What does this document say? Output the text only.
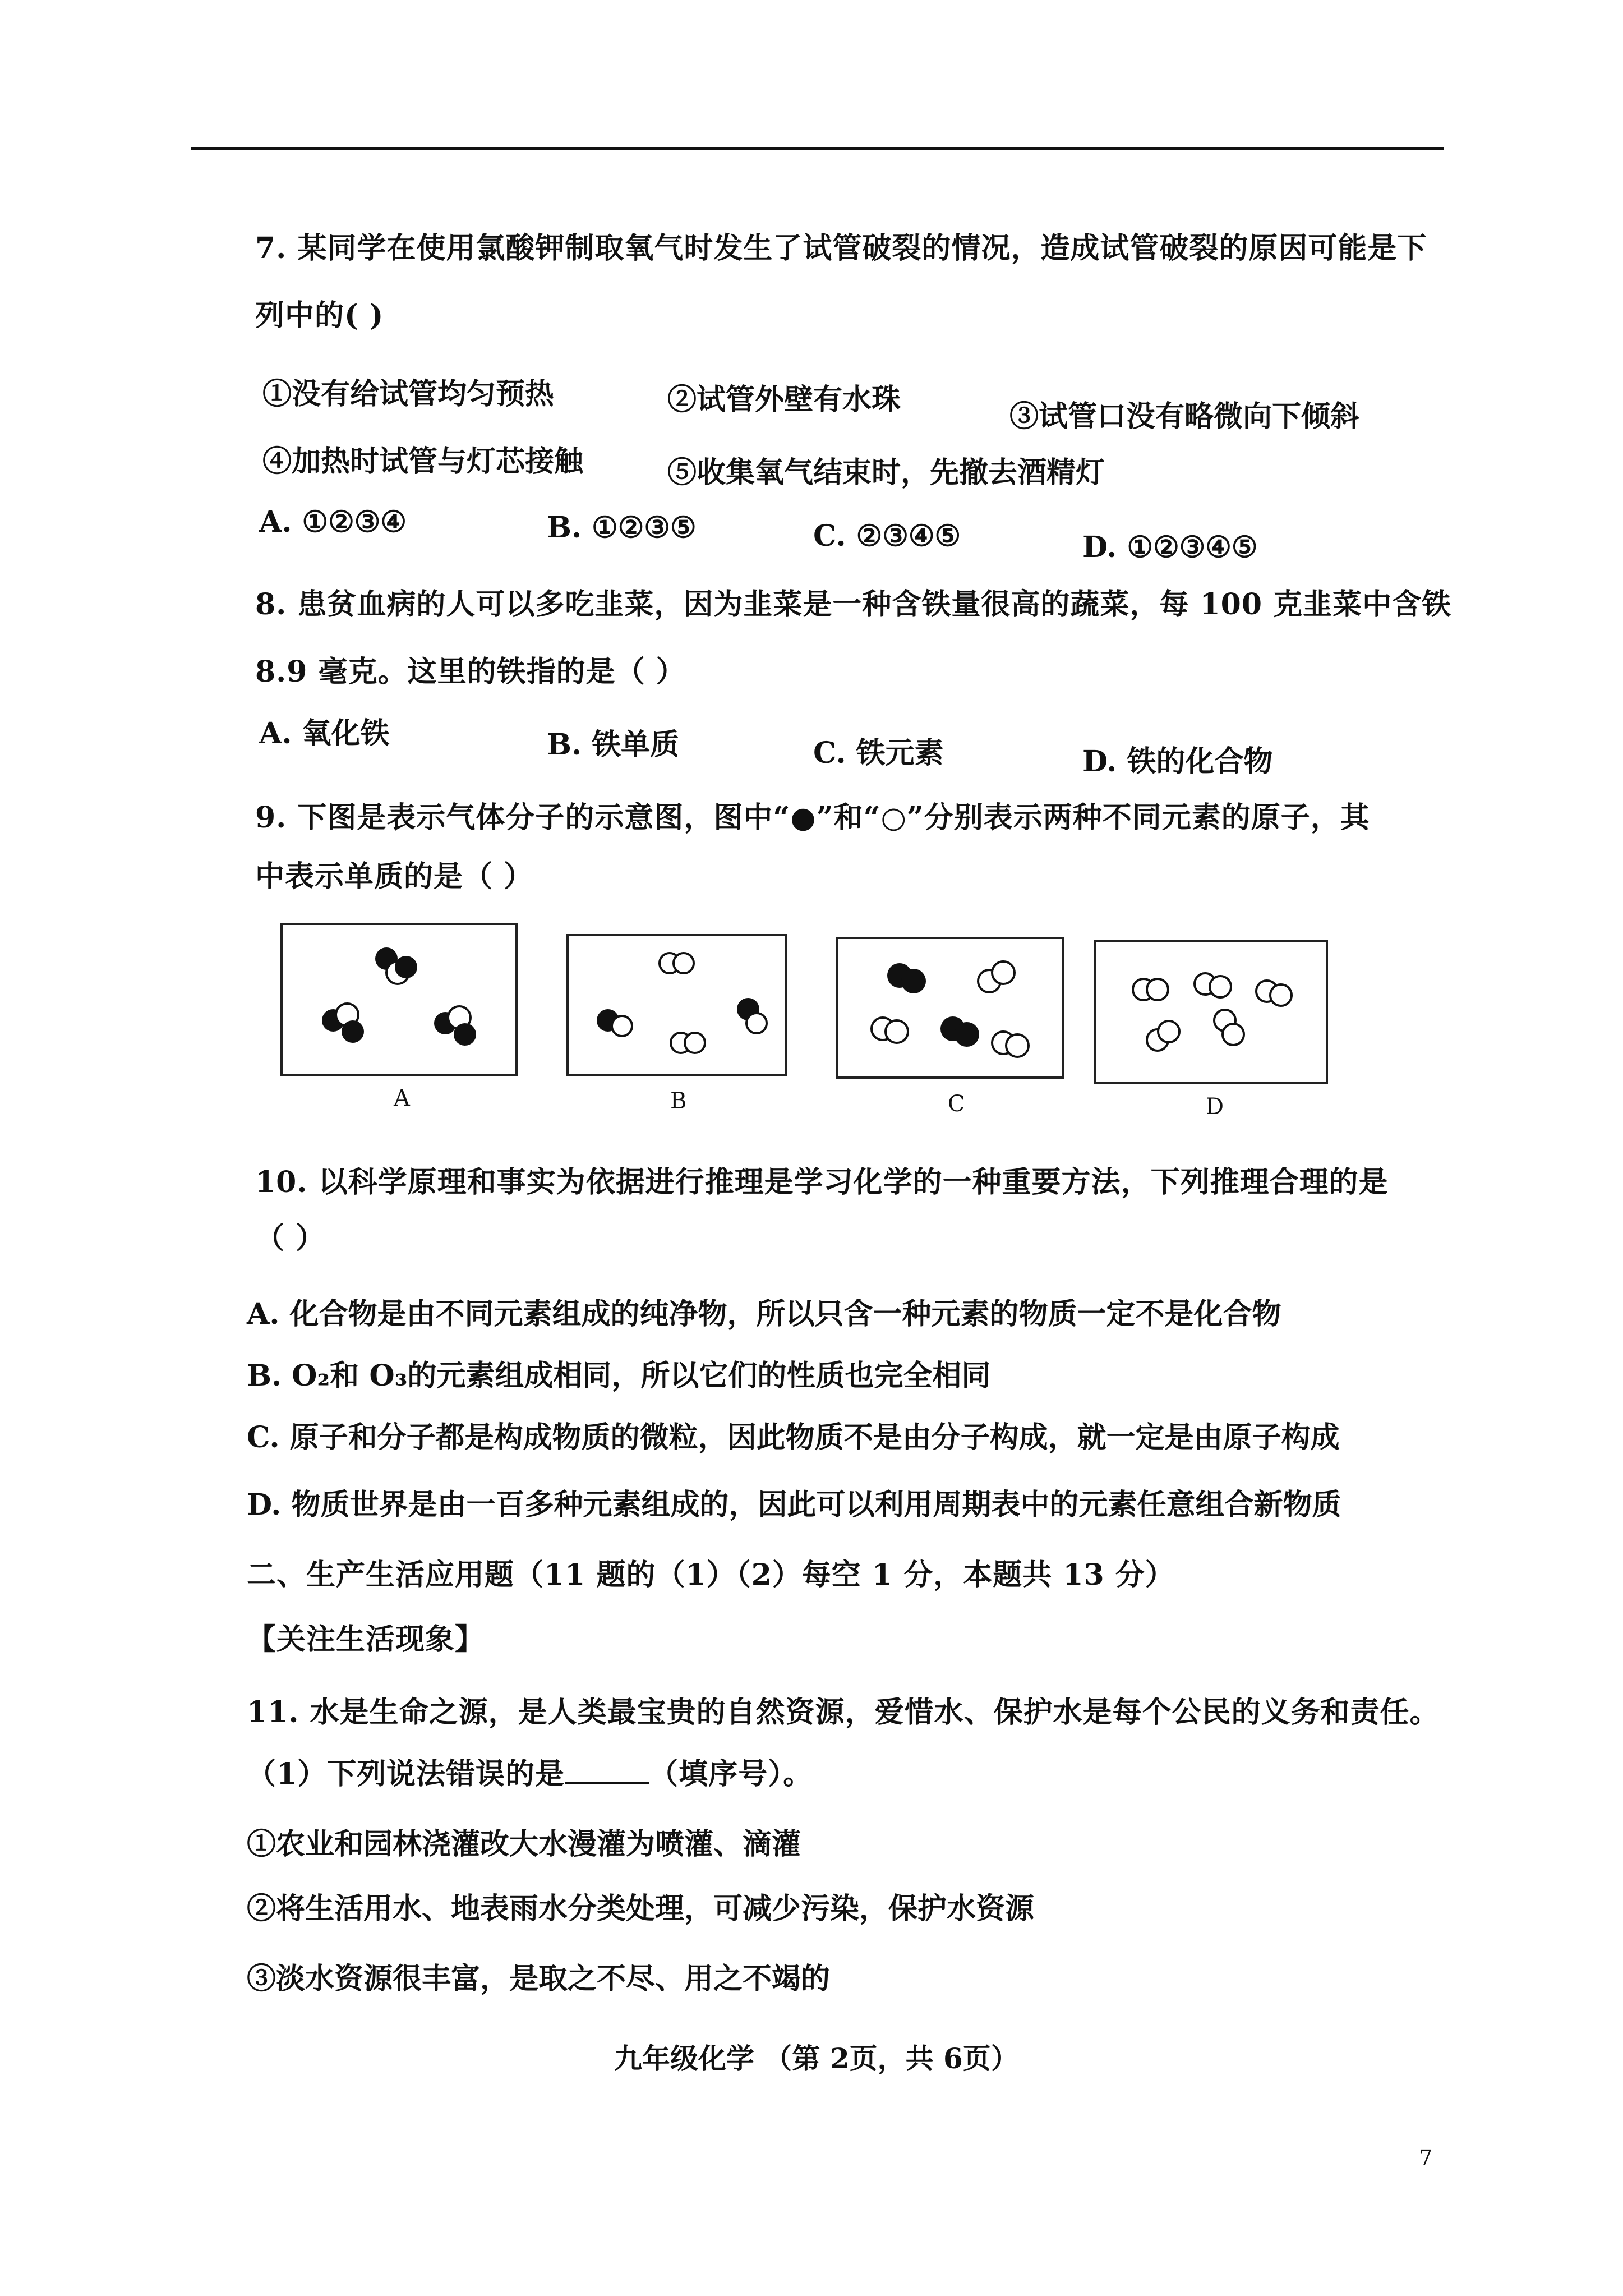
7. 某同学在使用氯酸钾制取氧气时发生了试管破裂的情况，造成试管破裂的原因可能是下
列中的( )
①没有给试管均匀预热	②试管外壁有水珠	③试管口没有略微向下倾斜
④加热时试管与灯芯接触	⑤收集氧气结束时，先撤去酒精灯
A. ①②③④	B. ①②③⑤	C. ②③④⑤	D. ①②③④⑤
8. 患贫血病的人可以多吃韭菜，因为韭菜是一种含铁量很高的蔬菜，每 100 克韭菜中含铁
8.9 毫克。这里的铁指的是（ ）
A. 氧化铁	B. 铁单质	C. 铁元素	D. 铁的化合物
9. 下图是表示气体分子的示意图，图中“●”和“○”分别表示两种不同元素的原子，其
中表示单质的是（ ）
A	B	C	D
10. 以科学原理和事实为依据进行推理是学习化学的一种重要方法，下列推理合理的是
（ ）
A. 化合物是由不同元素组成的纯净物，所以只含一种元素的物质一定不是化合物
B. O₂和 O₃的元素组成相同，所以它们的性质也完全相同
C. 原子和分子都是构成物质的微粒，因此物质不是由分子构成，就一定是由原子构成
D. 物质世界是由一百多种元素组成的，因此可以利用周期表中的元素任意组合新物质
二、生产生活应用题（11 题的（1）（2）每空 1 分，本题共 13 分）
【关注生活现象】
11. 水是生命之源，是人类最宝贵的自然资源，爱惜水、保护水是每个公民的义务和责任。
（1）下列说法错误的是	（填序号）。
①农业和园林浇灌改大水漫灌为喷灌、滴灌
②将生活用水、地表雨水分类处理，可减少污染，保护水资源
③淡水资源很丰富，是取之不尽、用之不竭的
九年级化学 （第 2页，共 6页）
7
